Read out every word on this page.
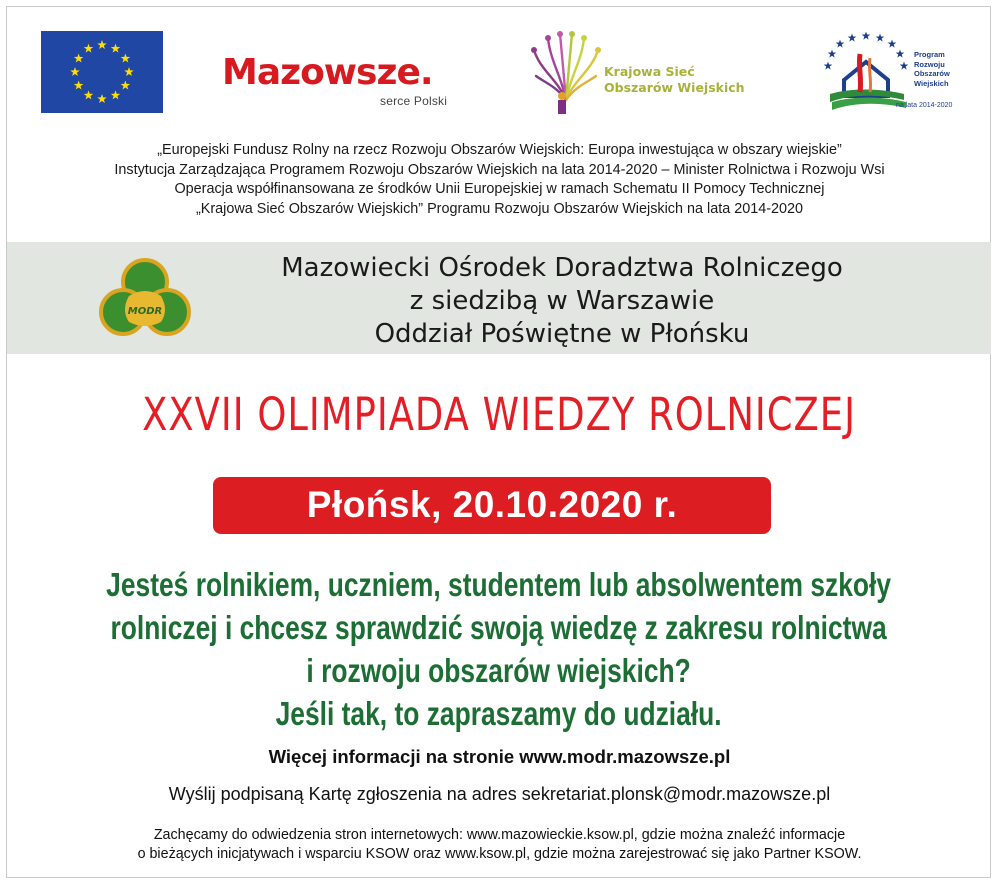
Mazowsze.
serce Polski
Krajowa Sieć
Obszarów Wiejskich
Program
Rozwoju
Obszarów
Wiejskich
na lata 2014-2020
„Europejski Fundusz Rolny na rzecz Rozwoju Obszarów Wiejskich: Europa inwestująca w obszary wiejskie”
Instytucja Zarządzająca Programem Rozwoju Obszarów Wiejskich na lata 2014-2020 – Minister Rolnictwa i Rozwoju Wsi
Operacja współfinansowana ze środków Unii Europejskiej w ramach Schematu II Pomocy Technicznej
„Krajowa Sieć Obszarów Wiejskich” Programu Rozwoju Obszarów Wiejskich na lata 2014-2020
MODR
Mazowiecki Ośrodek Doradztwa Rolniczego
z siedzibą w Warszawie
Oddział Poświętne w Płońsku
XXVII OLIMPIADA WIEDZY ROLNICZEJ
Płońsk, 20.10.2020 r.
Jesteś rolnikiem, uczniem, studentem lub absolwentem szkoły
rolniczej i chcesz sprawdzić swoją wiedzę z zakresu rolnictwa
i rozwoju obszarów wiejskich?
Jeśli tak, to zapraszamy do udziału.
Więcej informacji na stronie www.modr.mazowsze.pl
Wyślij podpisaną Kartę zgłoszenia na adres sekretariat.plonsk@modr.mazowsze.pl
Zachęcamy do odwiedzenia stron internetowych: www.mazowieckie.ksow.pl, gdzie można znaleźć informacje
o bieżących inicjatywach i wsparciu KSOW oraz www.ksow.pl, gdzie można zarejestrować się jako Partner KSOW.
